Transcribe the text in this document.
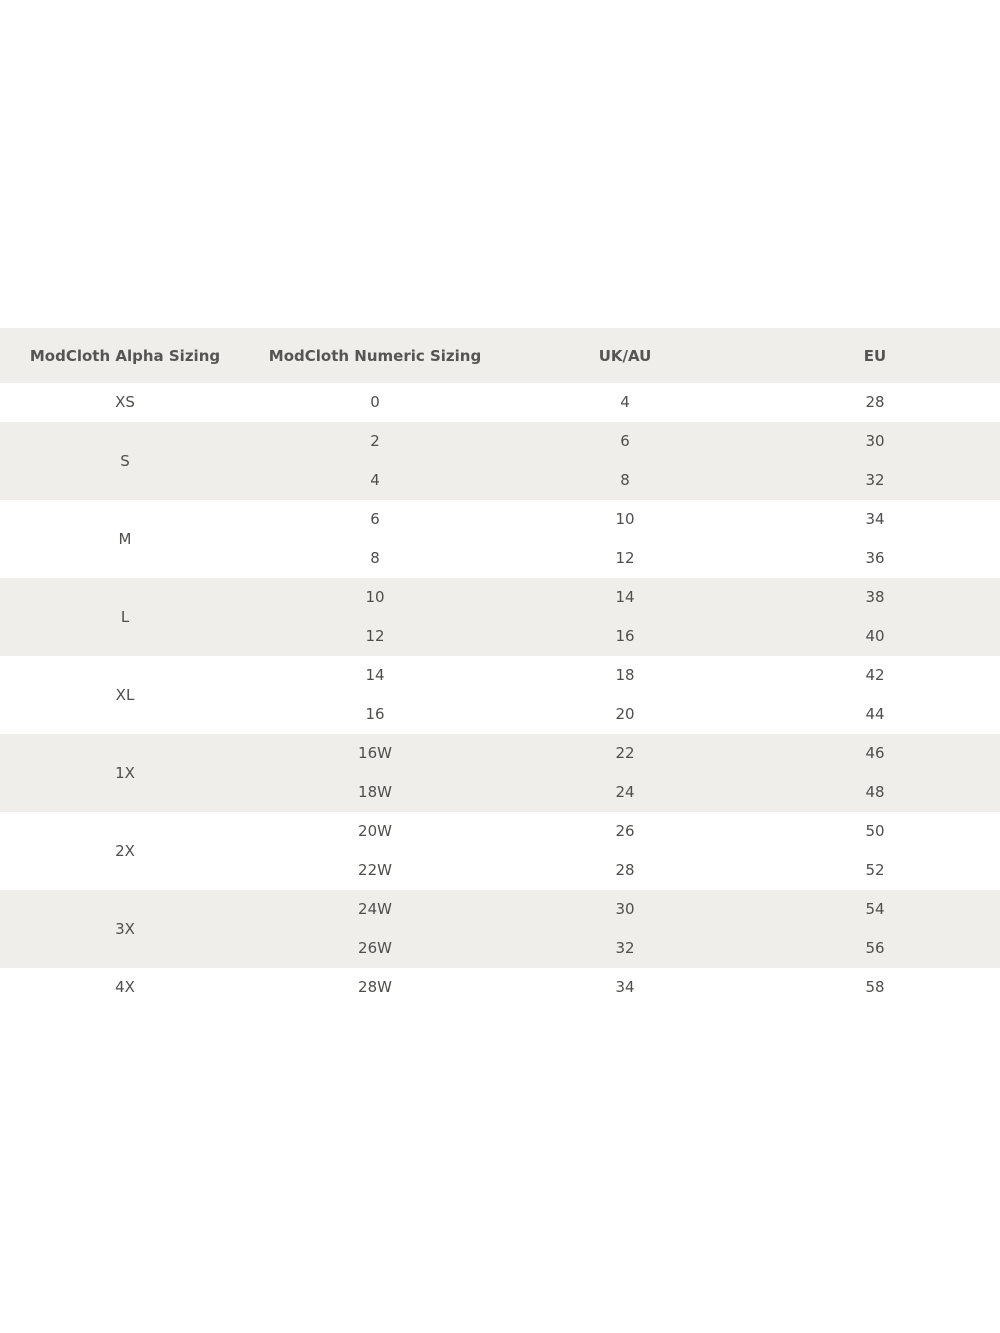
ModCloth Alpha Sizing	ModCloth Numeric Sizing	UK/AU	EU
XS	0	4	28
S	2	6	30
	4	8	32
M	6	10	34
	8	12	36
L	10	14	38
	12	16	40
XL	14	18	42
	16	20	44
1X	16W	22	46
	18W	24	48
2X	20W	26	50
	22W	28	52
3X	24W	30	54
	26W	32	56
4X	28W	34	58
